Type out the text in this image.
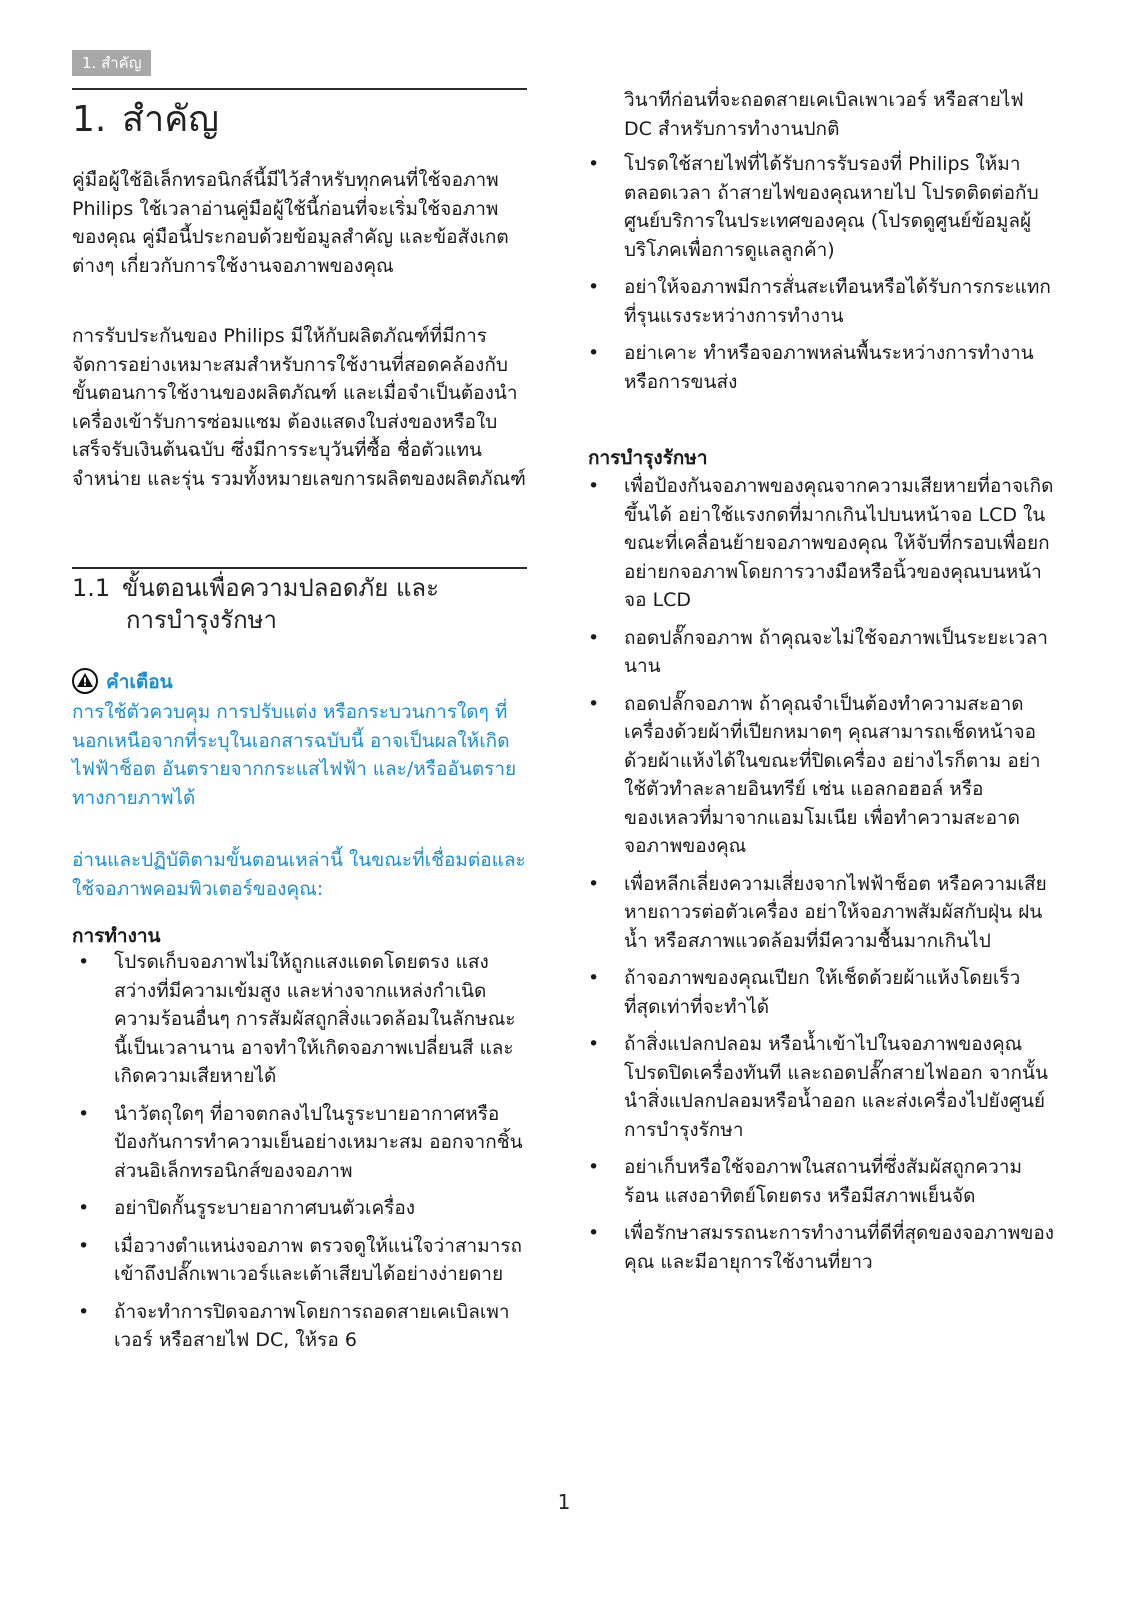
1. สำคัญ
1. สำคัญ

คู่มือผู้ใช้อิเล็กทรอนิกส์นี้มีไว้สำหรับทุกคนที่ใช้จอภาพ Philips ใช้เวลาอ่านคู่มือผู้ใช้นี้ก่อนที่จะเริ่มใช้จอภาพของคุณ คู่มือนี้ประกอบด้วยข้อมูลสำคัญ และข้อสังเกตต่างๆ เกี่ยวกับการใช้งานจอภาพของคุณ

การรับประกันของ Philips มีให้กับผลิตภัณฑ์ที่มีการจัดการอย่างเหมาะสมสำหรับการใช้งานที่สอดคล้องกับขั้นตอนการใช้งานของผลิตภัณฑ์ และเมื่อจำเป็นต้องนำเครื่องเข้ารับการซ่อมแซม ต้องแสดงใบส่งของหรือใบเสร็จรับเงินต้นฉบับ ซึ่งมีการระบุวันที่ซื้อ ชื่อตัวแทนจำหน่าย และรุ่น รวมทั้งหมายเลขการผลิตของผลิตภัณฑ์

1.1 ขั้นตอนเพื่อความปลอดภัย และ
การบำรุงรักษา
คำเตือน

การใช้ตัวควบคุม การปรับแต่ง หรือกระบวนการใดๆ ที่นอกเหนือจากที่ระบุในเอกสารฉบับนี้ อาจเป็นผลให้เกิดไฟฟ้าช็อต อันตรายจากกระแสไฟฟ้า และ/หรืออันตรายทางกายภาพได้

อ่านและปฏิบัติตามขั้นตอนเหล่านี้ ในขณะที่เชื่อมต่อและใช้จอภาพคอมพิวเตอร์ของคุณ:

การทำงาน
• โปรดเก็บจอภาพไม่ให้ถูกแสงแดดโดยตรง แสงสว่างที่มีความเข้มสูง และห่างจากแหล่งกำเนิดความร้อนอื่นๆ การสัมผัสถูกสิ่งแวดล้อมในลักษณะนี้เป็นเวลานาน อาจทำให้เกิดจอภาพเปลี่ยนสี และเกิดความเสียหายได้
• นำวัตถุใดๆ ที่อาจตกลงไปในรูระบายอากาศหรือป้องกันการทำความเย็นอย่างเหมาะสม ออกจากชิ้นส่วนอิเล็กทรอนิกส์ของจอภาพ
• อย่าปิดกั้นรูระบายอากาศบนตัวเครื่อง
• เมื่อวางตำแหน่งจอภาพ ตรวจดูให้แน่ใจว่าสามารถเข้าถึงปลั๊กเพาเวอร์และเต้าเสียบได้อย่างง่ายดาย
• ถ้าจะทำการปิดจอภาพโดยการถอดสายเคเบิลเพาเวอร์ หรือสายไฟ DC, ให้รอ 6

วินาทีก่อนที่จะถอดสายเคเบิลเพาเวอร์ หรือสายไฟ DC สำหรับการทำงานปกติ

• โปรดใช้สายไฟที่ได้รับการรับรองที่ Philips ให้มาตลอดเวลา ถ้าสายไฟของคุณหายไป โปรดติดต่อกับศูนย์บริการในประเทศของคุณ (โปรดดูศูนย์ข้อมูลผู้บริโภคเพื่อการดูแลลูกค้า)
• อย่าให้จอภาพมีการสั่นสะเทือนหรือได้รับการกระแทกที่รุนแรงระหว่างการทำงาน
• อย่าเคาะ ทำหรือจอภาพหล่นพื้นระหว่างการทำงานหรือการขนส่ง
การบำรุงรักษา
• เพื่อป้องกันจอภาพของคุณจากความเสียหายที่อาจเกิดขึ้นได้ อย่าใช้แรงกดที่มากเกินไปบนหน้าจอ LCD ในขณะที่เคลื่อนย้ายจอภาพของคุณ ให้จับที่กรอบเพื่อยก อย่ายกจอภาพโดยการวางมือหรือนิ้วของคุณบนหน้าจอ LCD
• ถอดปลั๊กจอภาพ ถ้าคุณจะไม่ใช้จอภาพเป็นระยะเวลานาน
• ถอดปลั๊กจอภาพ ถ้าคุณจำเป็นต้องทำความสะอาดเครื่องด้วยผ้าที่เปียกหมาดๆ คุณสามารถเช็ดหน้าจอด้วยผ้าแห้งได้ในขณะที่ปิดเครื่อง อย่างไรก็ตาม อย่าใช้ตัวทำละลายอินทรีย์ เช่น แอลกอฮอล์ หรือของเหลวที่มาจากแอมโมเนีย เพื่อทำความสะอาดจอภาพของคุณ
• เพื่อหลีกเลี่ยงความเสี่ยงจากไฟฟ้าช็อต หรือความเสียหายถาวรต่อตัวเครื่อง อย่าให้จอภาพสัมผัสกับฝุ่น ฝน น้ำ หรือสภาพแวดล้อมที่มีความชื้นมากเกินไป
• ถ้าจอภาพของคุณเปียก ให้เช็ดด้วยผ้าแห้งโดยเร็วที่สุดเท่าที่จะทำได้
• ถ้าสิ่งแปลกปลอม หรือน้ำเข้าไปในจอภาพของคุณ โปรดปิดเครื่องทันที และถอดปลั๊กสายไฟออก จากนั้นนำสิ่งแปลกปลอมหรือน้ำออก และส่งเครื่องไปยังศูนย์การบำรุงรักษา
• อย่าเก็บหรือใช้จอภาพในสถานที่ซึ่งสัมผัสถูกความร้อน แสงอาทิตย์โดยตรง หรือมีสภาพเย็นจัด
• เพื่อรักษาสมรรถนะการทำงานที่ดีที่สุดของจอภาพของคุณ และมีอายุการใช้งานที่ยาว
1
